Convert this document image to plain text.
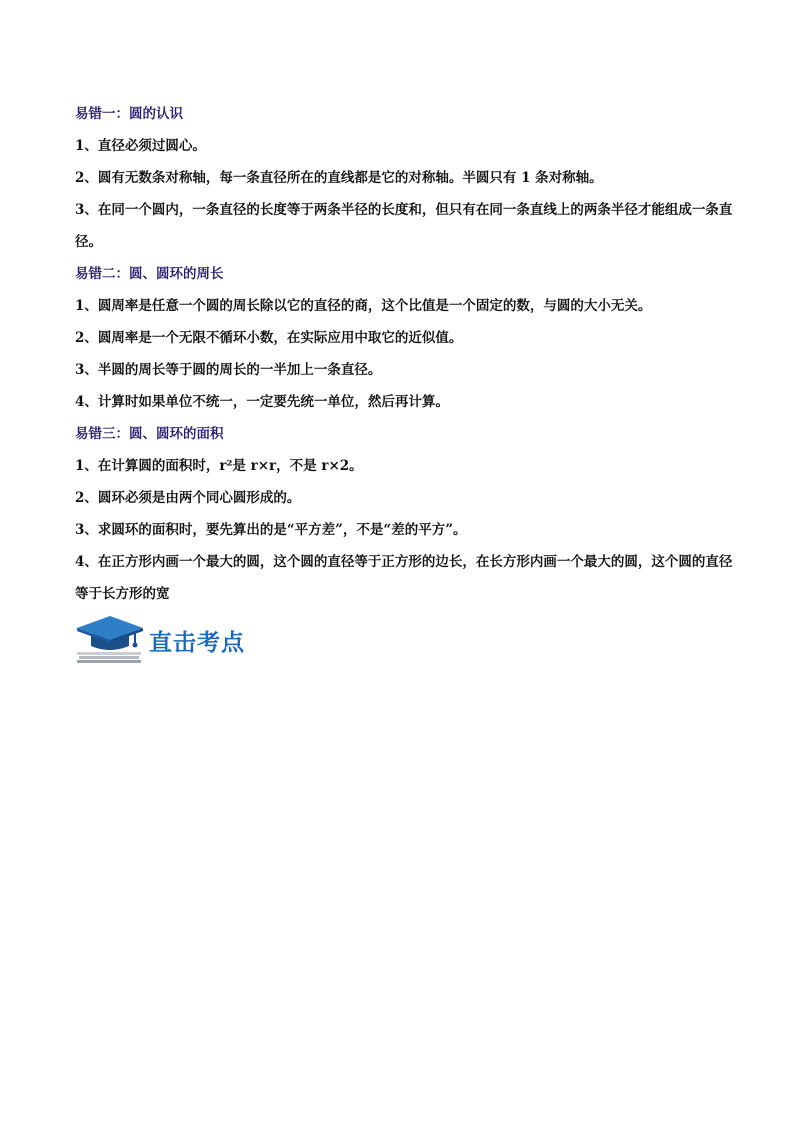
易错一：圆的认识
1、直径必须过圆心。
2、圆有无数条对称轴，每一条直径所在的直线都是它的对称轴。半圆只有 1 条对称轴。
3、在同一个圆内，一条直径的长度等于两条半径的长度和，但只有在同一条直线上的两条半径才能组成一条直径。
易错二：圆、圆环的周长
1、圆周率是任意一个圆的周长除以它的直径的商，这个比值是一个固定的数，与圆的大小无关。
2、圆周率是一个无限不循环小数，在实际应用中取它的近似值。
3、半圆的周长等于圆的周长的一半加上一条直径。
4、计算时如果单位不统一，一定要先统一单位，然后再计算。
易错三：圆、圆环的面积
1、在计算圆的面积时，r²是 r×r，不是 r×2。
2、圆环必须是由两个同心圆形成的。
3、求圆环的面积时，要先算出的是“平方差”，不是“差的平方”。
4、在正方形内画一个最大的圆，这个圆的直径等于正方形的边长，在长方形内画一个最大的圆，这个圆的直径等于长方形的宽
直击考点
